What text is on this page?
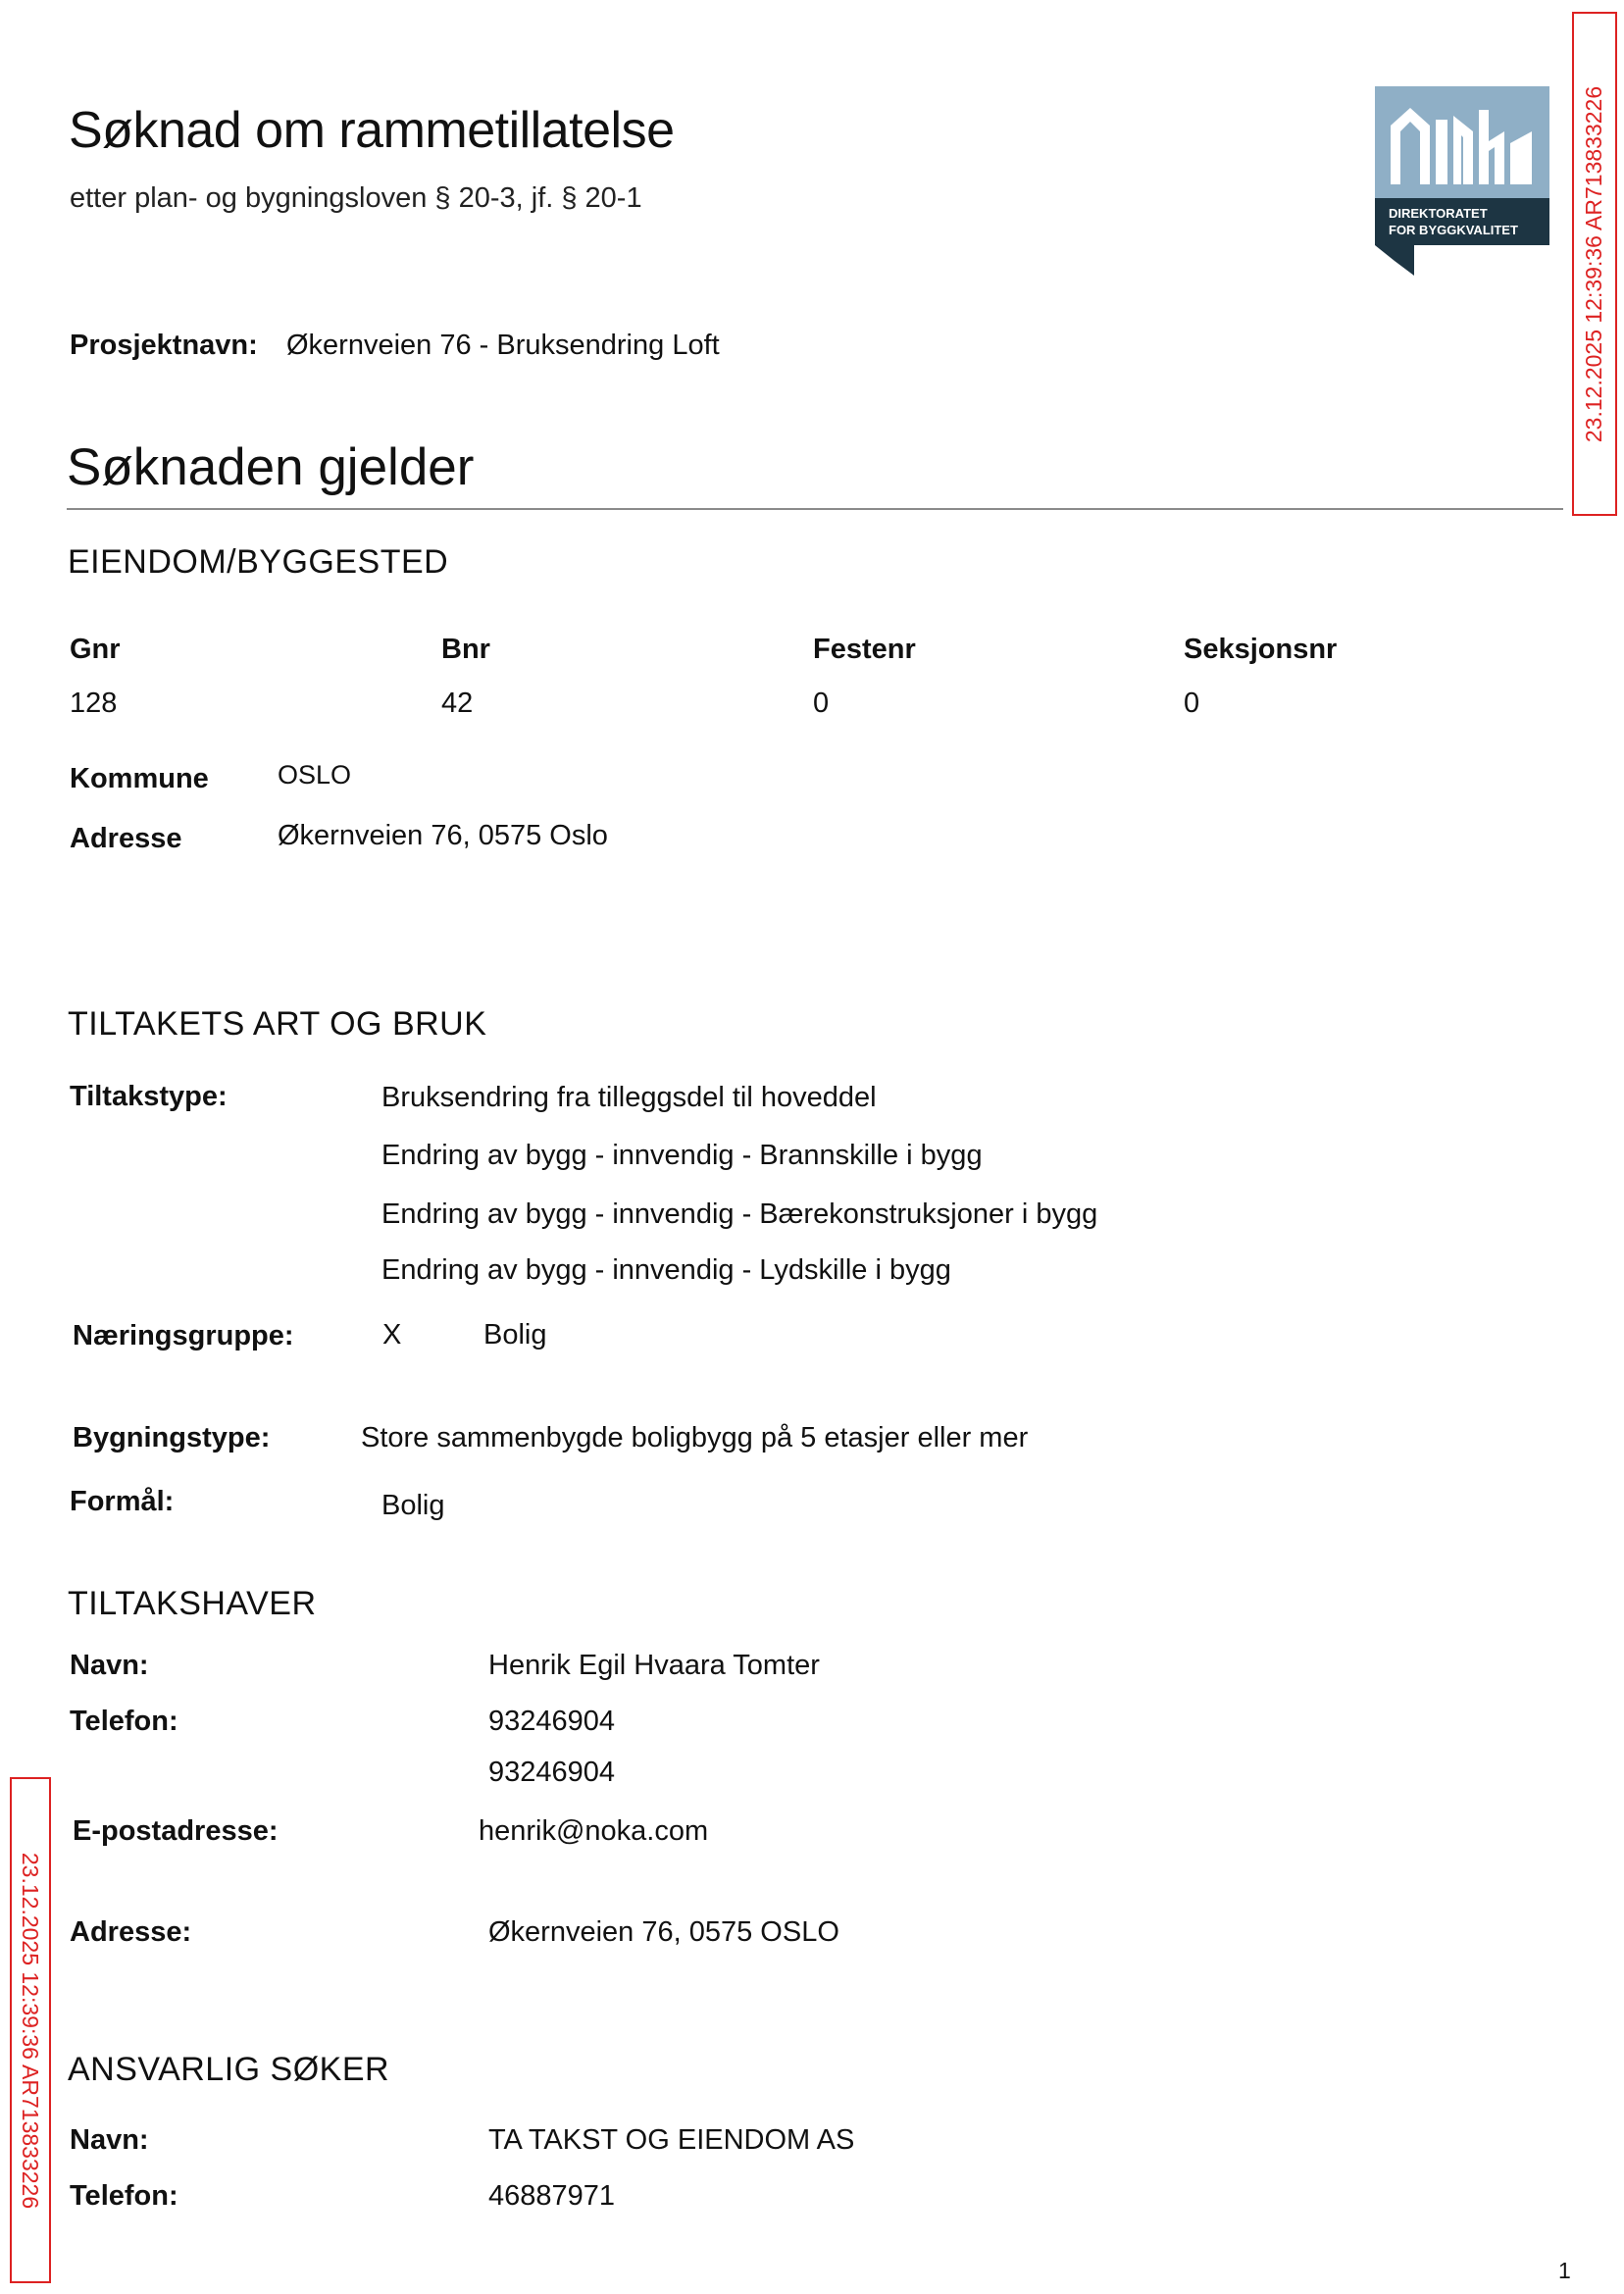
Søknad om rammetillatelse
etter plan- og bygningsloven § 20-3, jf. § 20-1	DIREKTORATET
FOR BYGGKVALITET	23.12.2025 12:39:36 AR713833226
Prosjektnavn: Økernveien 76 - Bruksendring Loft
Søknaden gjelder
EIENDOM/BYGGESTED
Gnr	Bnr	Festenr	Seksjonsnr
128	42	0	0
Kommune	OSLO
Adresse	Økernveien 76, 0575 Oslo
TILTAKETS ART OG BRUK
Tiltakstype:	Bruksendring fra tilleggsdel til hoveddel
Endring av bygg - innvendig - Brannskille i bygg
Endring av bygg - innvendig - Bærekonstruksjoner i bygg
Endring av bygg - innvendig - Lydskille i bygg
Næringsgruppe:	X	Bolig
Bygningstype:	Store sammenbygde boligbygg på 5 etasjer eller mer
Formål:	Bolig
TILTAKSHAVER
Navn:	Henrik Egil Hvaara Tomter
Telefon:	93246904
93246904
E-postadresse:	henrik@noka.com
Adresse:	Økernveien 76, 0575 OSLO
23.12.2025 12:39:36 AR713833226 ANSVARLIG SØKER
Navn:	TA TAKST OG EIENDOM AS
Telefon:	46887971
1
